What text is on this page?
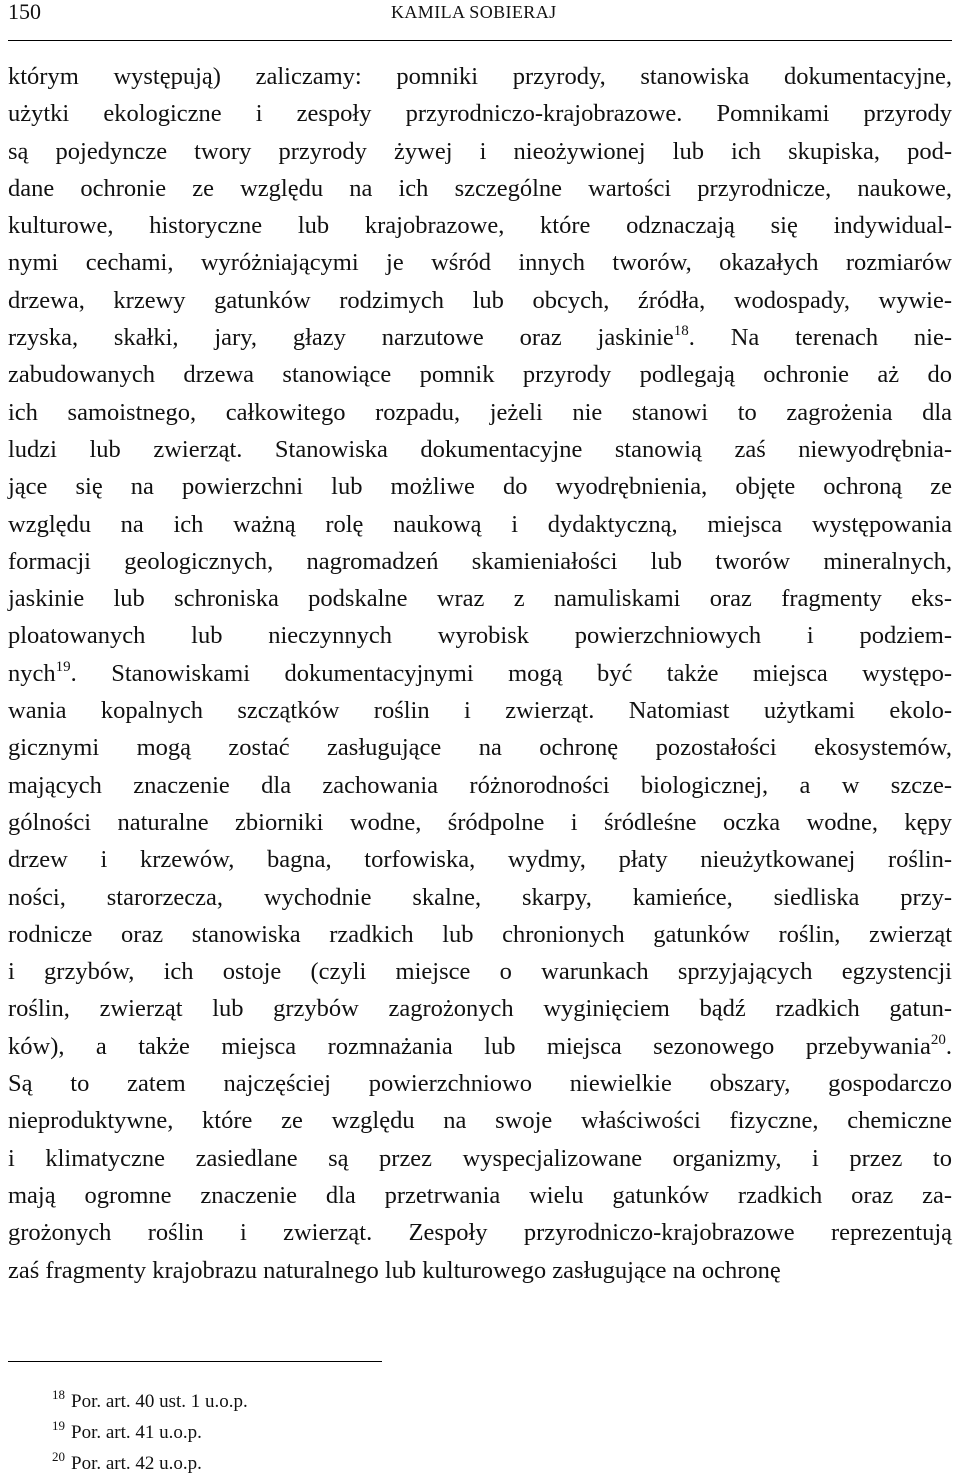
150	KAMILA SOBIERAJ
którym występują) zaliczamy: pomniki przyrody, stanowiska dokumentacyjne,
użytki ekologiczne i zespoły przyrodniczo-krajobrazowe. Pomnikami przyrody
są pojedyncze twory przyrody żywej i nieożywionej lub ich skupiska, pod-
dane ochronie ze względu na ich szczególne wartości przyrodnicze, naukowe,
kulturowe, historyczne lub krajobrazowe, które odznaczają się indywidual-
nymi cechami, wyróżniającymi je wśród innych tworów, okazałych rozmiarów
drzewa, krzewy gatunków rodzimych lub obcych, źródła, wodospady, wywie-
rzyska, skałki, jary, głazy narzutowe oraz jaskinie$^{18}$. Na terenach nie-
zabudowanych drzewa stanowiące pomnik przyrody podlegają ochronie aż do
ich samoistnego, całkowitego rozpadu, jeżeli nie stanowi to zagrożenia dla
ludzi lub zwierząt. Stanowiska dokumentacyjne stanowią zaś niewyodrębnia-
jące się na powierzchni lub możliwe do wyodrębnienia, objęte ochroną ze
względu na ich ważną rolę naukową i dydaktyczną, miejsca występowania
formacji geologicznych, nagromadzeń skamieniałości lub tworów mineralnych,
jaskinie lub schroniska podskalne wraz z namuliskami oraz fragmenty eks-
ploatowanych lub nieczynnych wyrobisk powierzchniowych i podziem-
nych$^{19}$. Stanowiskami dokumentacyjnymi mogą być także miejsca występo-
wania kopalnych szczątków roślin i zwierząt. Natomiast użytkami ekolo-
gicznymi mogą zostać zasługujące na ochronę pozostałości ekosystemów,
mających znaczenie dla zachowania różnorodności biologicznej, a w szcze-
gólności naturalne zbiorniki wodne, śródpolne i śródleśne oczka wodne, kępy
drzew i krzewów, bagna, torfowiska, wydmy, płaty nieużytkowanej roślin-
ności, starorzecza, wychodnie skalne, skarpy, kamieńce, siedliska przy-
rodnicze oraz stanowiska rzadkich lub chronionych gatunków roślin, zwierząt
i grzybów, ich ostoje (czyli miejsce o warunkach sprzyjających egzystencji
roślin, zwierząt lub grzybów zagrożonych wyginięciem bądź rzadkich gatun-
ków), a także miejsca rozmnażania lub miejsca sezonowego przebywania$^{20}$.
Są to zatem najczęściej powierzchniowo niewielkie obszary, gospodarczo
nieproduktywne, które ze względu na swoje właściwości fizyczne, chemiczne
i klimatyczne zasiedlane są przez wyspecjalizowane organizmy, i przez to
mają ogromne znaczenie dla przetrwania wielu gatunków rzadkich oraz za-
grożonych roślin i zwierząt. Zespoły przyrodniczo-krajobrazowe reprezentują
zaś fragmenty krajobrazu naturalnego lub kulturowego zasługujące na ochronę
$^{18}$ Por. art. 40 ust. 1 u.o.p.
$^{19}$ Por. art. 41 u.o.p.
$^{20}$ Por. art. 42 u.o.p.
